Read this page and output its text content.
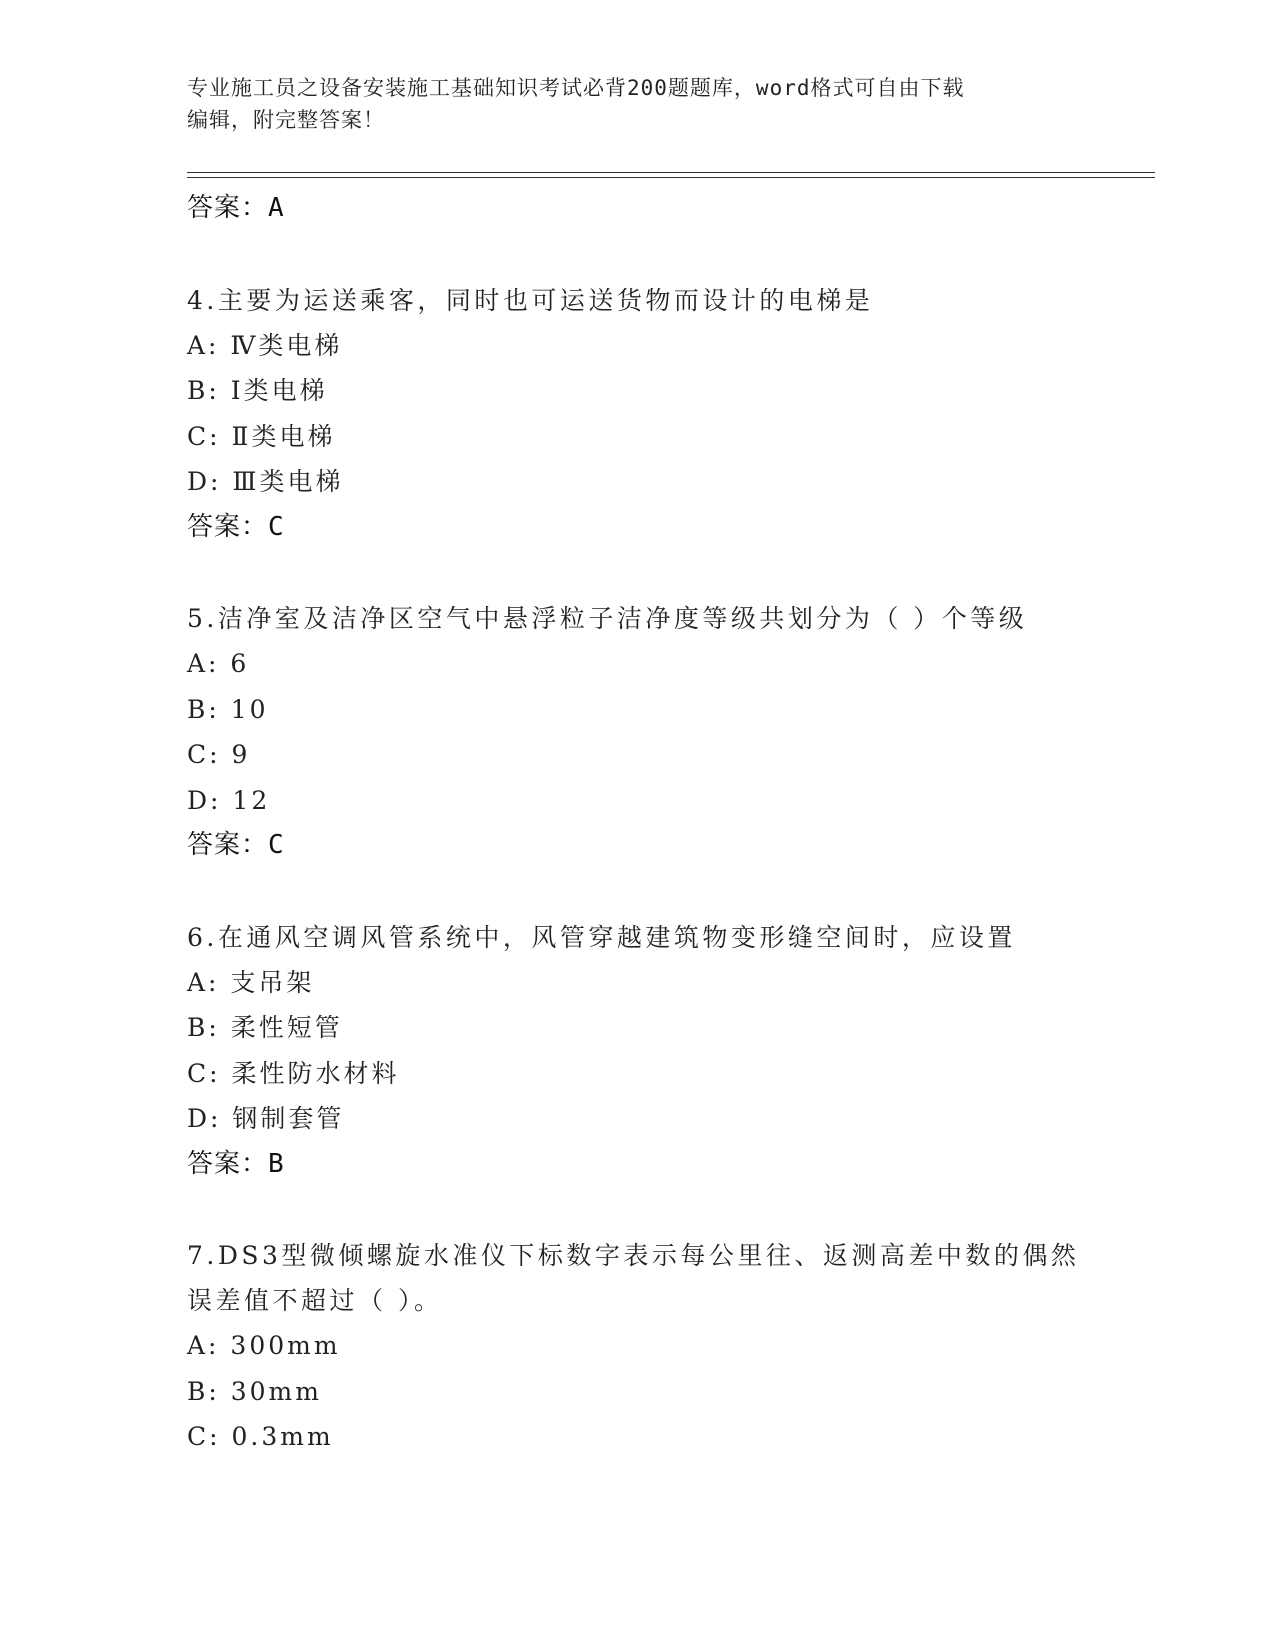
专业施工员之设备安装施工基础知识考试必背200题题库，word格式可自由下载
编辑，附完整答案！
答案：A
4.主要为运送乘客，同时也可运送货物而设计的电梯是
A: Ⅳ类电梯
B: Ⅰ类电梯
C: Ⅱ类电梯
D: Ⅲ类电梯
答案：C
5.洁净室及洁净区空气中悬浮粒子洁净度等级共划分为（ ）个等级
A: 6
B: 10
C: 9
D: 12
答案：C
6.在通风空调风管系统中，风管穿越建筑物变形缝空间时，应设置
A: 支吊架
B: 柔性短管
C: 柔性防水材料
D: 钢制套管
答案：B
7.DS3型微倾螺旋水准仪下标数字表示每公里往、返测高差中数的偶然误差值不超过（ ）。
A: 300mm
B: 30mm
C: 0.3mm
